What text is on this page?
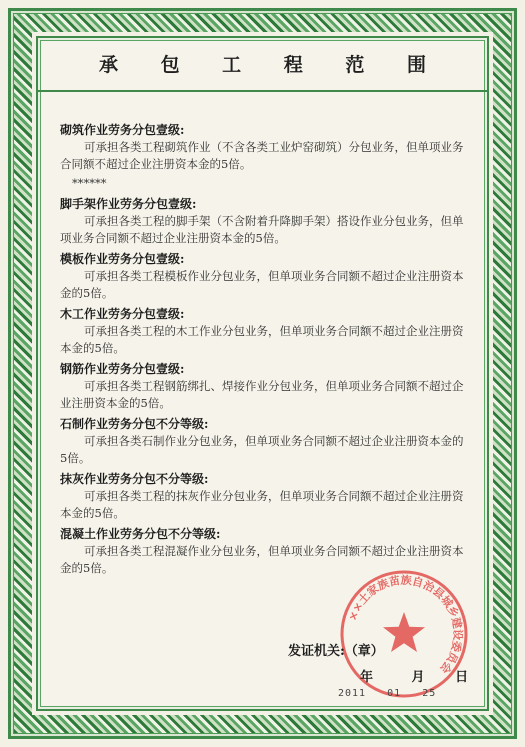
承 包 工 程 范 围
砌筑作业劳务分包壹级:
可承担各类工程砌筑作业（不含各类工业炉窑砌筑）分包业务，但单项业务合同额不超过企业注册资本金的5倍。
******
脚手架作业劳务分包壹级:
可承担各类工程的脚手架（不含附着升降脚手架）搭设作业分包业务，但单项业务合同额不超过企业注册资本金的5倍。
模板作业劳务分包壹级:
可承担各类工程模板作业分包业务，但单项业务合同额不超过企业注册资本金的5倍。
木工作业劳务分包壹级:
可承担各类工程的木工作业分包业务，但单项业务合同额不超过企业注册资本金的5倍。
钢筋作业劳务分包壹级:
可承担各类工程钢筋绑扎、焊接作业分包业务，但单项业务合同额不超过企业注册资本金的5倍。
石制作业劳务分包不分等级:
可承担各类石制作业分包业务，但单项业务合同额不超过企业注册资本金的5倍。
抹灰作业劳务分包不分等级:
可承担各类工程的抹灰作业分包业务，但单项业务合同额不超过企业注册资本金的5倍。
混凝土作业劳务分包不分等级:
可承担各类工程混凝作业分包业务，但单项业务合同额不超过企业注册资本金的5倍。
××土家族苗族自治县城乡建设委员会
发证机关:（章）
年	月 日
2011 01 25
